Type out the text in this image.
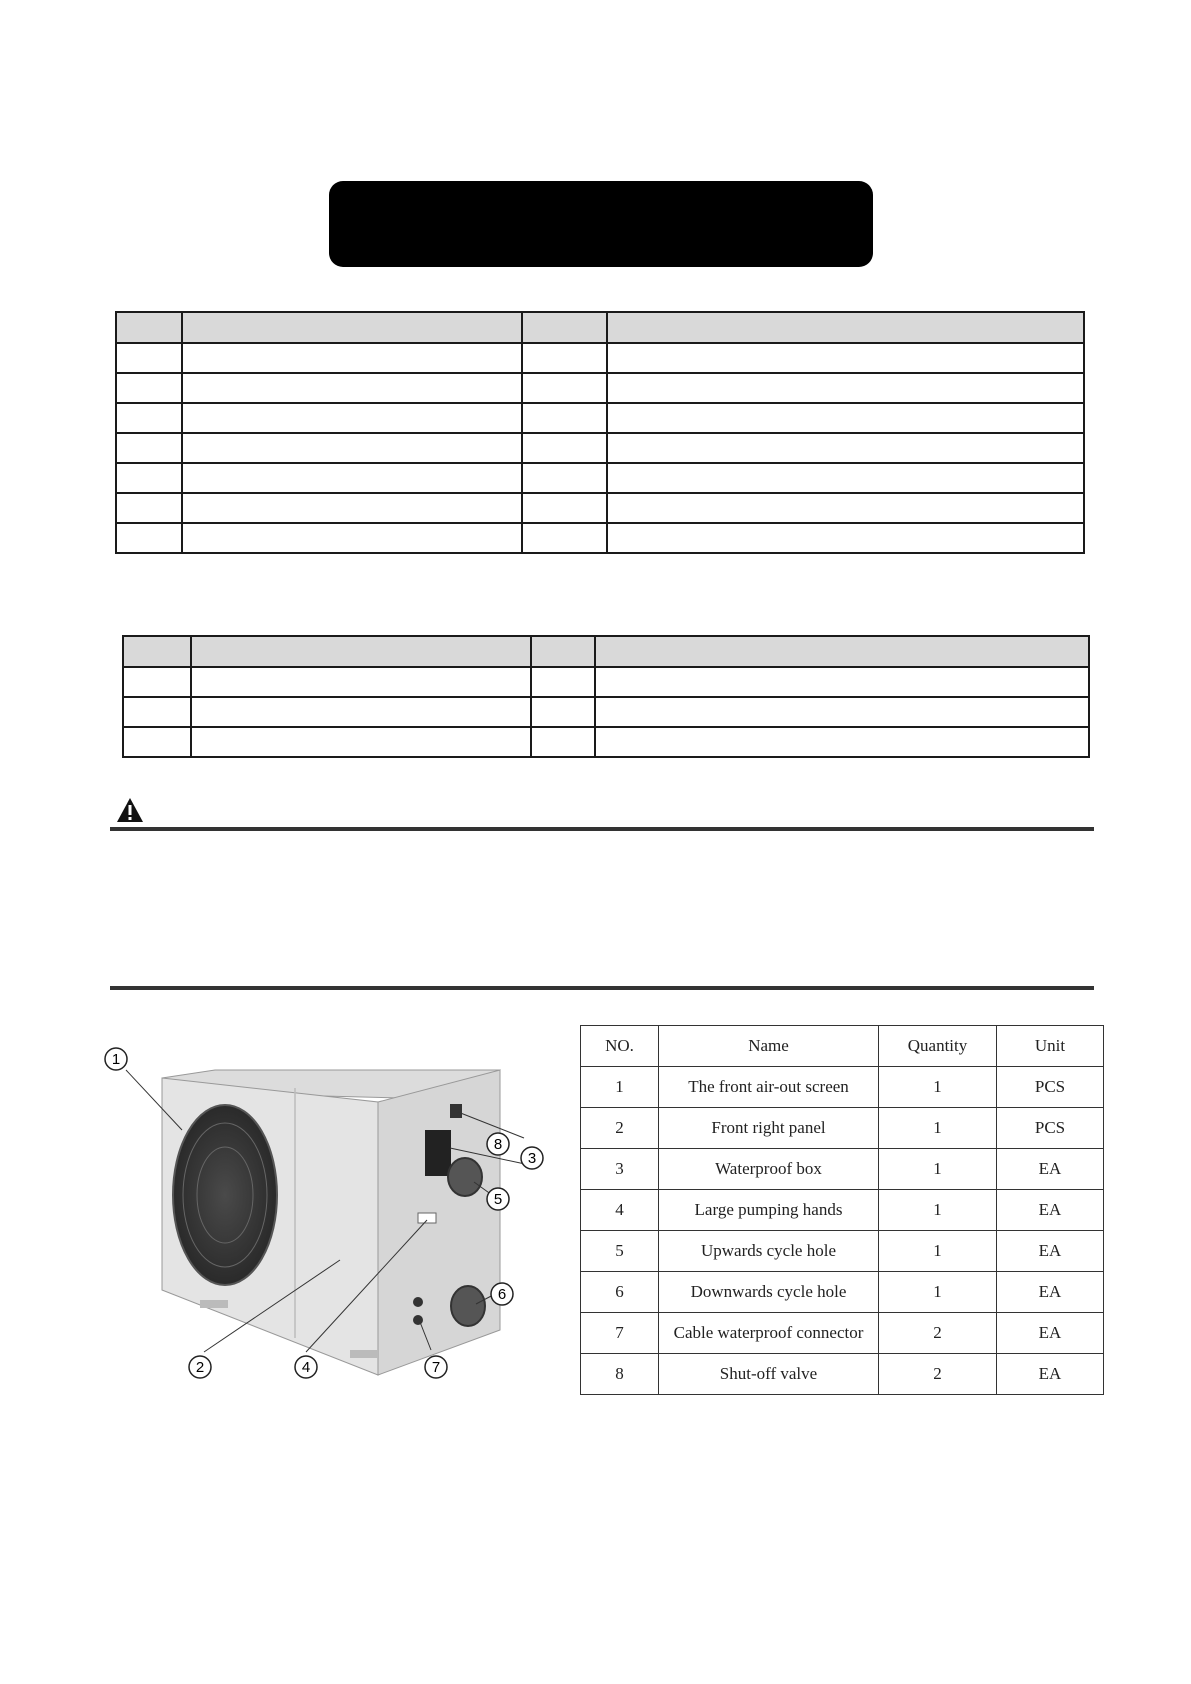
1
2
3
4
5
6
7
8
NO.	Name	Quantity	Unit
1	The front air-out screen	1	PCS
2	Front right panel	1	PCS
3	Waterproof box	1	EA
4	Large pumping hands	1	EA
5	Upwards cycle hole	1	EA
6	Downwards cycle hole	1	EA
7	Cable waterproof connector	2	EA
8	Shut-off valve	2	EA
